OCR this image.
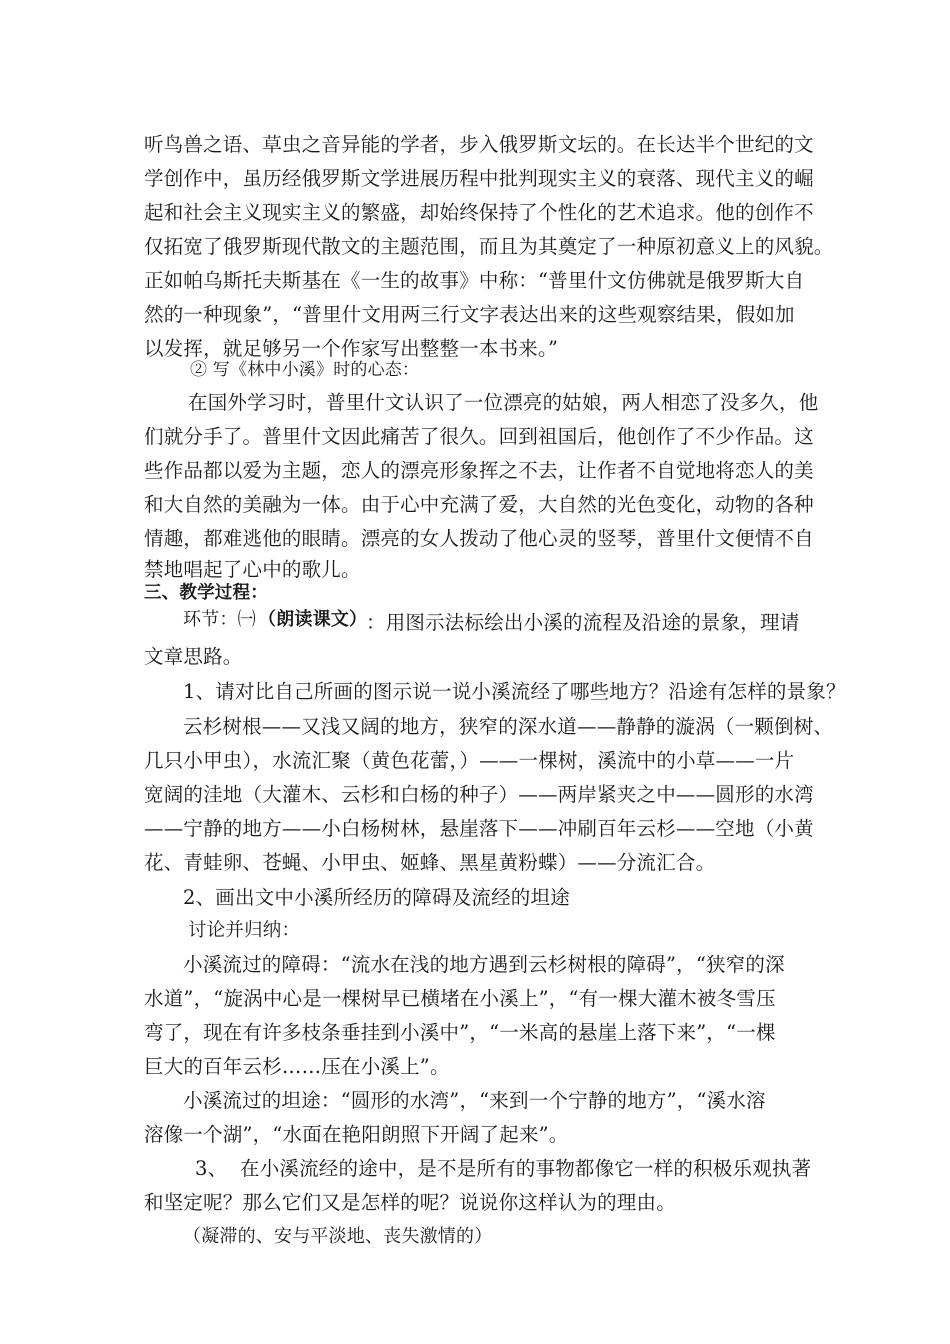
听鸟兽之语、草虫之音异能的学者，步入俄罗斯文坛的。在长达半个世纪的文
学创作中，虽历经俄罗斯文学进展历程中批判现实主义的衰落、现代主义的崛
起和社会主义现实主义的繁盛，却始终保持了个性化的艺术追求。他的创作不
仅拓宽了俄罗斯现代散文的主题范围，而且为其奠定了一种原初意义上的风貌。
正如帕乌斯托夫斯基在《一生的故事》中称：“普里什文仿佛就是俄罗斯大自
然的一种现象”，“普里什文用两三行文字表达出来的这些观察结果，假如加
以发挥，就足够另一个作家写出整整一本书来。”
② 写《林中小溪》时的心态：
在国外学习时，普里什文认识了一位漂亮的姑娘，两人相恋了没多久，他
们就分手了。普里什文因此痛苦了很久。回到祖国后，他创作了不少作品。这
些作品都以爱为主题，恋人的漂亮形象挥之不去，让作者不自觉地将恋人的美
和大自然的美融为一体。由于心中充满了爱，大自然的光色变化，动物的各种
情趣，都难逃他的眼睛。漂亮的女人拨动了他心灵的竖琴，普里什文便情不自
禁地唱起了心中的歌儿。
三、教学过程：
环节：㈠ （朗读课文）
：用图示法标绘出小溪的流程及沿途的景象，理请
文章思路。
1、请对比自己所画的图示说一说小溪流经了哪些地方？沿途有怎样的景象？
云杉树根——又浅又阔的地方，狭窄的深水道——静静的漩涡（一颗倒树、
几只小甲虫），水流汇聚（黄色花蕾，）——一棵树，溪流中的小草——一片
宽阔的洼地（大灌木、云杉和白杨的种子）——两岸紧夹之中——圆形的水湾
——宁静的地方——小白杨树林，悬崖落下——冲刷百年云杉——空地（小黄
花、青蛙卵、苍蝇、小甲虫、姬蜂、黑星黄粉蝶）——分流汇合。
2、画出文中小溪所经历的障碍及流经的坦途
讨论并归纳：
小溪流过的障碍：“流水在浅的地方遇到云杉树根的障碍”，“狭窄的深
水道”，“旋涡中心是一棵树早已横堵在小溪上”，“有一棵大灌木被冬雪压
弯了，现在有许多枝条垂挂到小溪中”，“一米高的悬崖上落下来”，“一棵
巨大的百年云杉……压在小溪上”。
小溪流过的坦途：“圆形的水湾”，“来到一个宁静的地方”，“溪水溶
溶像一个湖”，“水面在艳阳朗照下开阔了起来”。
3、 在小溪流经的途中，是不是所有的事物都像它一样的积极乐观执著
和坚定呢？那么它们又是怎样的呢？说说你这样认为的理由。
（凝滞的、安与平淡地、丧失激情的）
